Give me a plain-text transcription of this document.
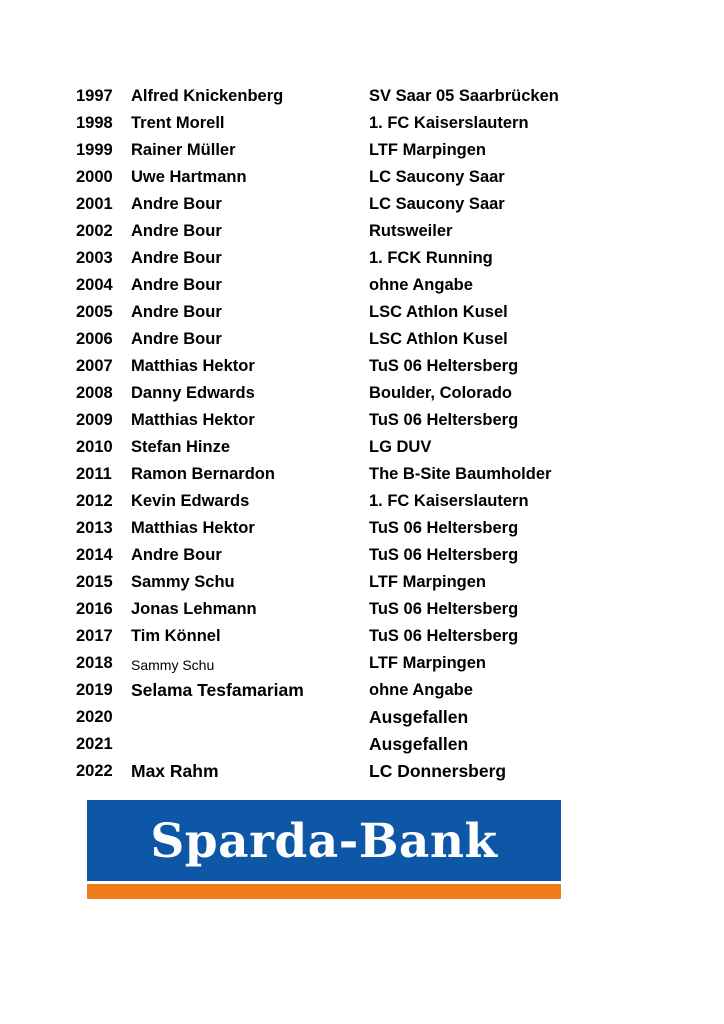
1997 Alfred Knickenberg	SV Saar 05 Saarbrücken
1998 Trent Morell	1. FC Kaiserslautern
1999 Rainer Müller	LTF Marpingen
2000 Uwe Hartmann	LC Saucony Saar
2001 Andre Bour	LC Saucony Saar
2002 Andre Bour	Rutsweiler
2003 Andre Bour	1. FCK Running
2004 Andre Bour	ohne Angabe
2005 Andre Bour	LSC Athlon Kusel
2006 Andre Bour	LSC Athlon Kusel
2007 Matthias Hektor	TuS 06 Heltersberg
2008 Danny Edwards	Boulder, Colorado
2009 Matthias Hektor	TuS 06 Heltersberg
2010 Stefan Hinze	LG DUV
2011 Ramon Bernardon	The B-Site Baumholder
2012 Kevin Edwards	1. FC Kaiserslautern
2013 Matthias Hektor	TuS 06 Heltersberg
2014 Andre Bour	TuS 06 Heltersberg
2015 Sammy Schu	LTF Marpingen
2016 Jonas Lehmann	TuS 06 Heltersberg
2017 Tim Könnel	TuS 06 Heltersberg
2018 Sammy Schu	LTF Marpingen
2019 Selama Tesfamariam	ohne Angabe
2020	Ausgefallen
2021	Ausgefallen
2022 Max Rahm	LC Donnersberg
Sparda-Bank
